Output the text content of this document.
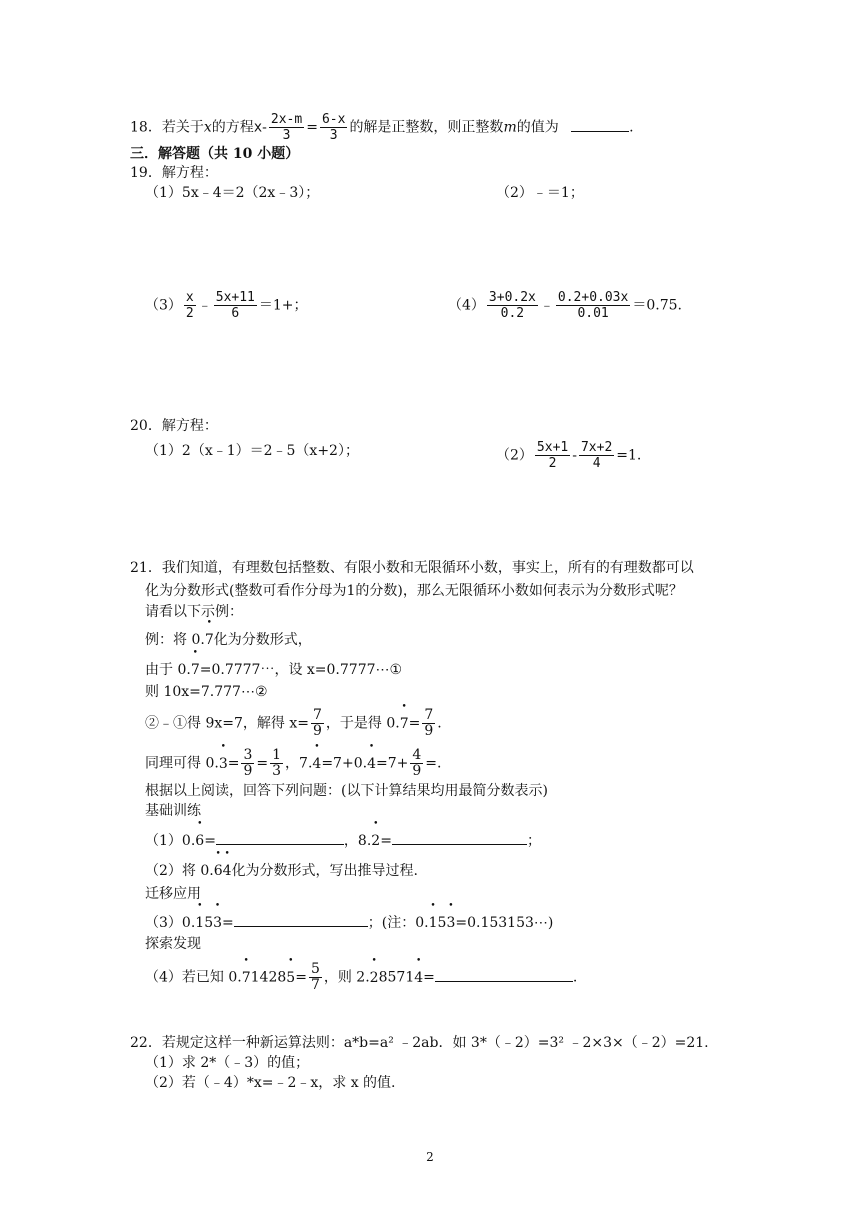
18．若关于x的方程$x- \frac{2x-m}{3} = \frac{6-x}{3}$ 的解是正整数，则正整数m的值为	.
三．解答题（共 10 小题）
19．解方程：
（1）5x﹣4＝2（2x﹣3）；	（2）﹣＝1；
$(3) \frac{x}{2}$ ﹣ $\frac{5x+11}{6} =1+$；	$(4) \frac{3+0.2x}{0.2}$ ﹣ $\frac{0.2+0.03x}{0.01} =0.75$.
20．解方程：
（1）2（x﹣1）＝2﹣5（x+2）；	$(2) \frac{5x+1}{2} - \frac{7x+2}{4} =1$.
21．我们知道，有理数包括整数、有限小数和无限循环小数，事实上，所有的有理数都可以
化为分数形式(整数可看作分母为1的分数)，那么无限循环小数如何表示为分数形式呢？
请看以下示例：
例：将 0.• 7化为分数形式，
由于 0.• 7=0.7777⋯，设 x=0.7777⋯①
则 10x=7.777⋯②
②﹣①得 9x=7，解得 $x= \frac{7}{9}$ ，于是得 0.• $7= \frac{7}{9}$ .
同理可得 0.• $3= \frac{3}{9} = \frac{1}{3}$ ，7.• 4=7+0.• $4=7+ \frac{4}{9}$ =.
根据以上阅读，回答下列问题：(以下计算结果均用最简分数表示)
基础训练
（1）0.• 6=	，8.• 2=	；
（2）将 0.• 6• 4化为分数形式，写出推导过程.
迁移应用
（3）0.• 15• 3=	；(注：0.• 15• 3=0.153153⋯)
探索发现
（4）若已知 0.• 71428• $5= \frac{5}{7}$ ，则 2.• 28571• 4=	.
22．若规定这样一种新运算法则：a*b=a² ﹣2ab．如 3*（﹣2）=3² ﹣2×3×（﹣2）=21.
（1）求 2*（﹣3）的值；
（2）若（﹣4）*x=﹣2﹣x，求 x 的值.
2
